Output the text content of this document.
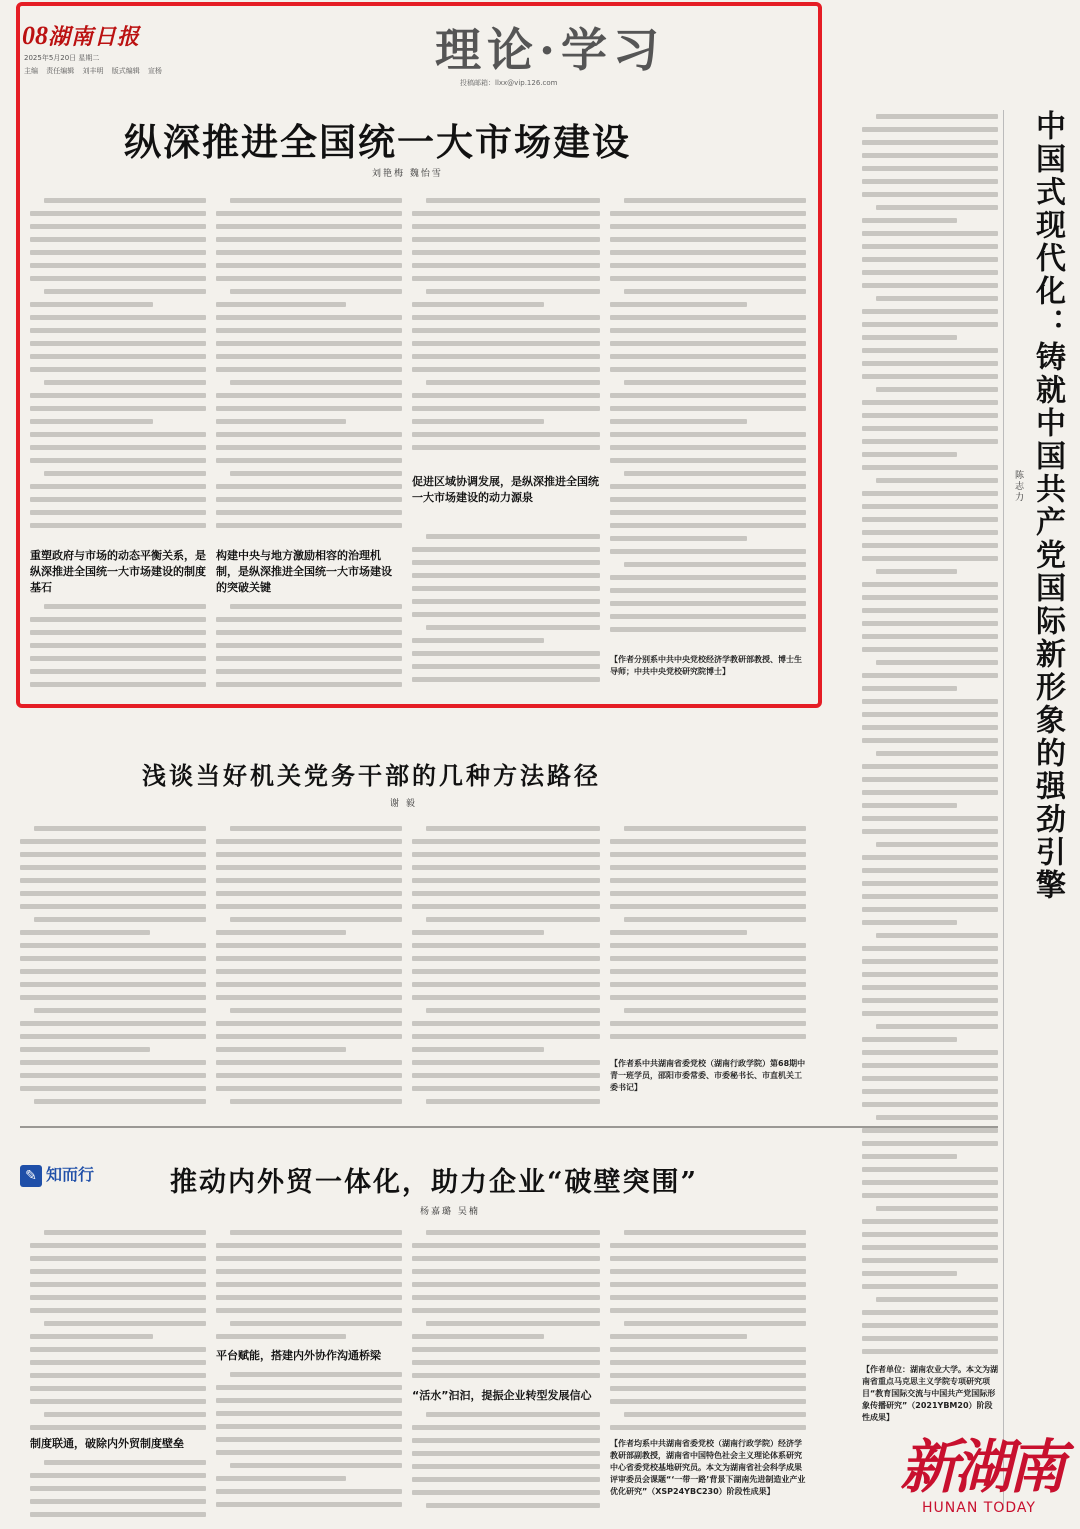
08湖南日报
2025年5月20日 星期二
主编 责任编辑 刘丰明 版式编辑 宣杨	理论·学习
投稿邮箱：llxx@vip.126.com
纵深推进全国统一大市场建设
刘艳梅 魏怡雪
重塑政府与市场的动态平衡关系，是纵深推进全国统一大市场建设的制度基石
构建中央与地方激励相容的治理机制，是纵深推进全国统一大市场建设的突破关键
促进区域协调发展，是纵深推进全国统一大市场建设的动力源泉
【作者分别系中共中央党校经济学教研部教授、博士生导师；中共中央党校研究院博士】
浅谈当好机关党务干部的几种方法路径
谢 毅
【作者系中共湖南省委党校（湖南行政学院）第68期中青一班学员，邵阳市委常委、市委秘书长、市直机关工委书记】
✎ 知而行	推动内外贸一体化，助力企业“破壁突围”
杨嘉璐 吴楠
制度联通，破除内外贸制度壁垒
平台赋能，搭建内外协作沟通桥梁
“活水”汩汩，提振企业转型发展信心
【作者均系中共湖南省委党校（湖南行政学院）经济学教研部副教授，湖南省中国特色社会主义理论体系研究中心省委党校基地研究员。本文为湖南省社会科学成果评审委员会课题“‘一带一路’背景下湖南先进制造业产业优化研究”（XSP24YBC230）阶段性成果】
中国式现代化：铸就中国共产党国际新形象的强劲引擎
陈志力
【作者单位：湖南农业大学。本文为湖南省重点马克思主义学院专项研究项目“教育国际交流与中国共产党国际形象传播研究”（2021YBM20）阶段性成果】
新湖南
HUNAN TODAY
